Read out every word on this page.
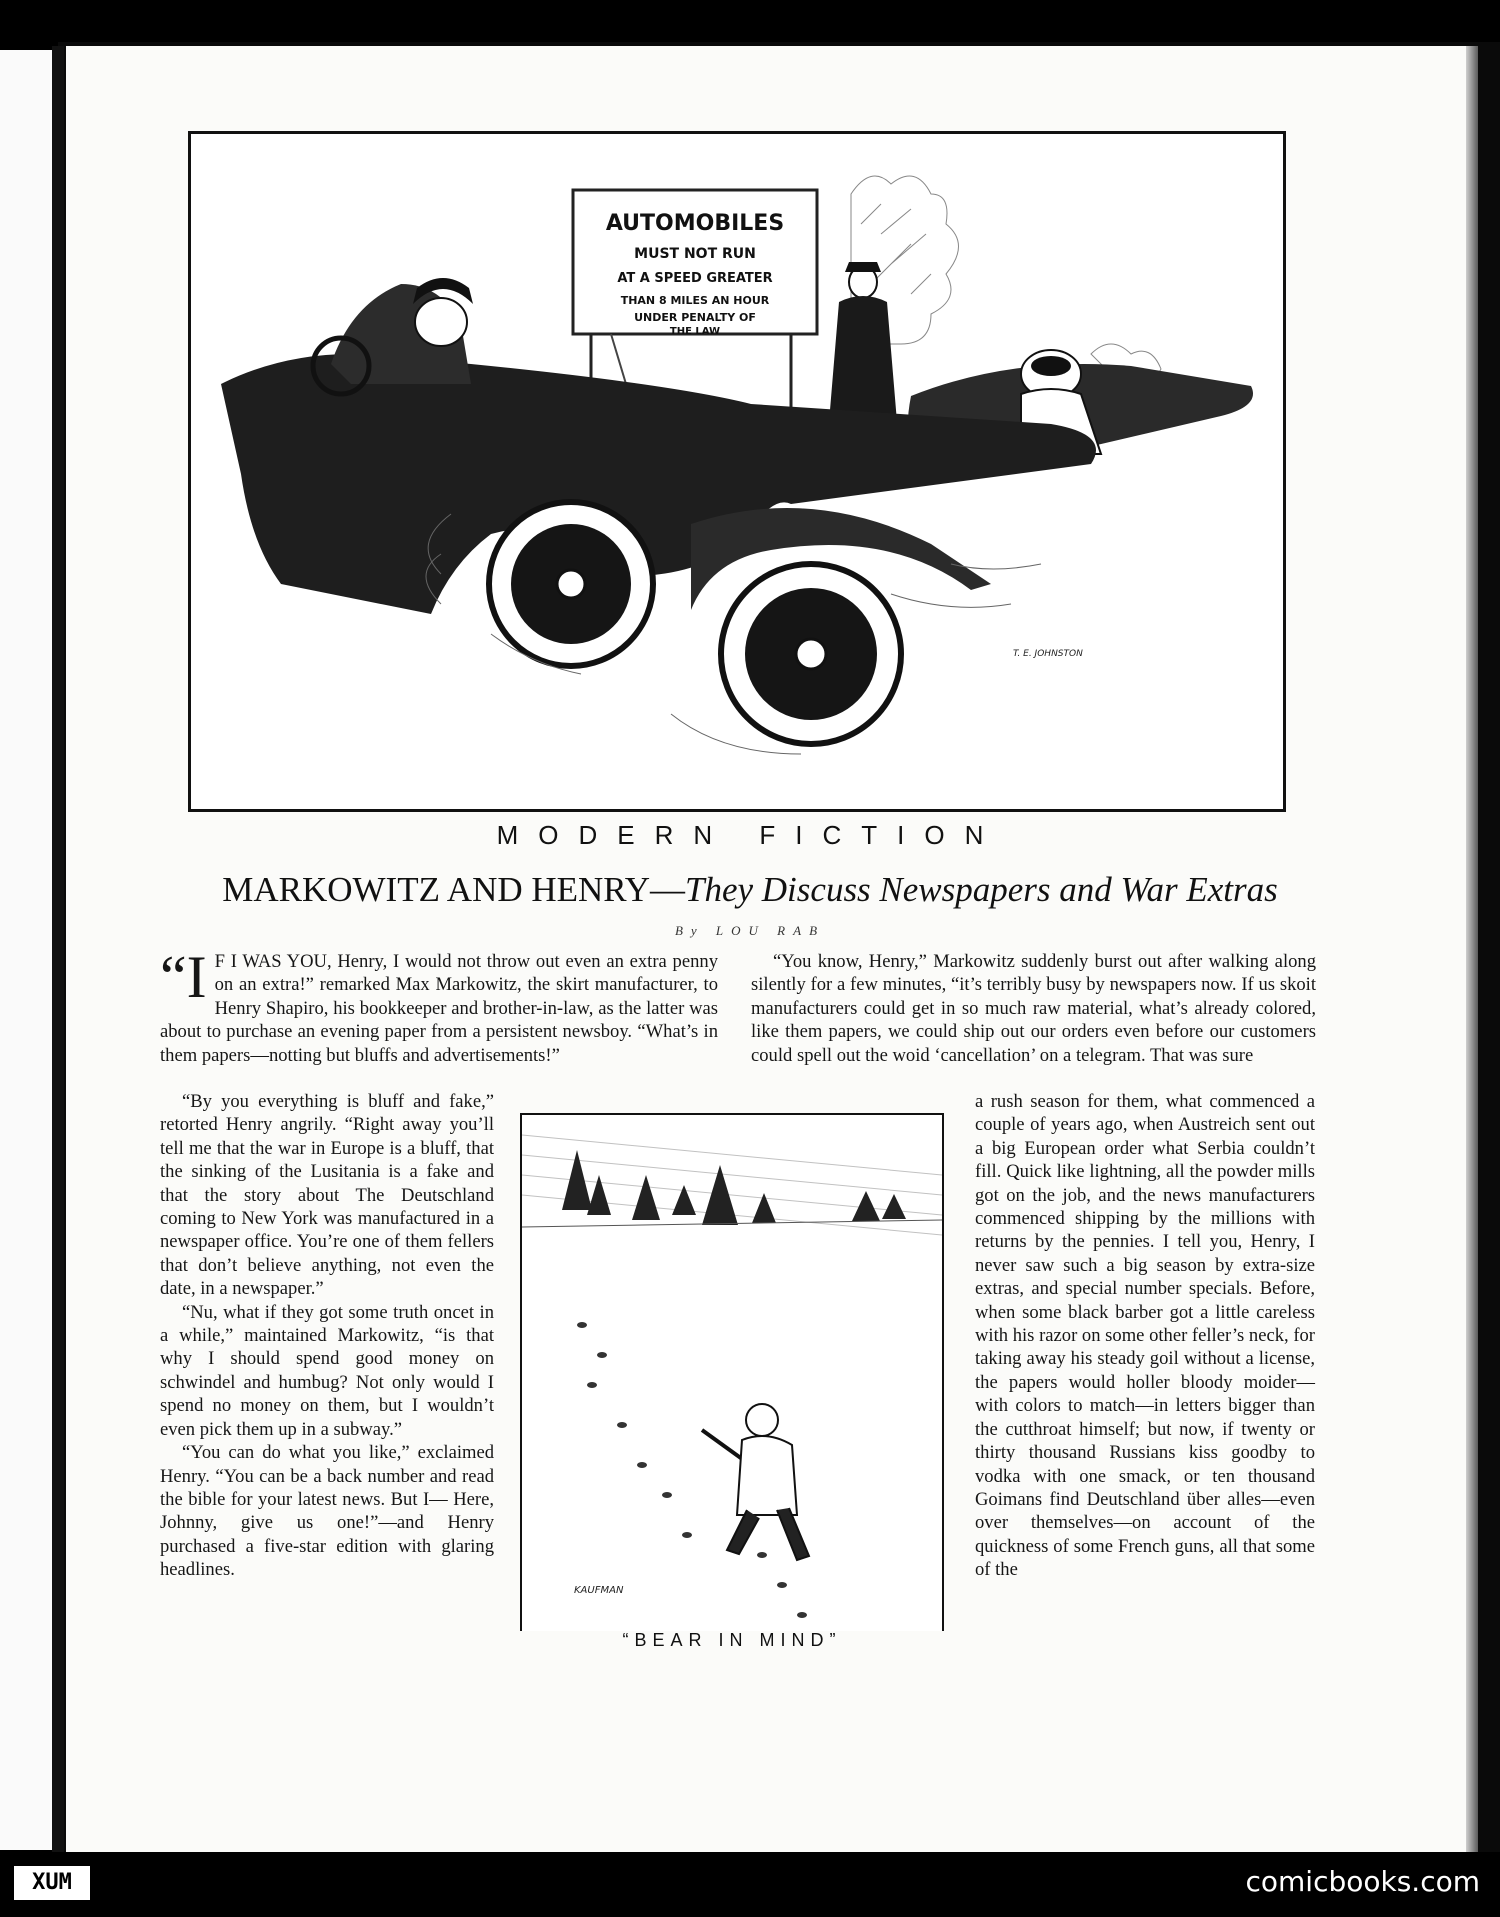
AUTOMOBILES
MUST NOT RUN
AT A SPEED GREATER
THAN 8 MILES AN HOUR
UNDER PENALTY OF
THE LAW
T. E. JOHNSTON
MODERN FICTION
MARKOWITZ AND HENRY—They Discuss Newspapers and War Extras
By LOU RAB
“I F I WAS YOU, Henry, I would not throw out even an extra penny on an extra!” remarked Max Markowitz, the skirt manufacturer, to Henry Shapiro, his bookkeeper and brother-in-law, as the latter was about to purchase an evening paper from a persistent newsboy. “What’s in them papers—notting but bluffs and advertisements!”

“By you everything is bluff and fake,” retorted Henry angrily. “Right away you’ll tell me that the war in Europe is a bluff, that the sinking of the Lusitania is a fake and that the story about The Deutschland coming to New York was manufactured in a newspaper office. You’re one of them fellers that don’t believe anything, not even the date, in a newspaper.”

“Nu, what if they got some truth oncet in a while,” maintained Markowitz, “is that why I should spend good money on schwindel and humbug? Not only would I spend no money on them, but I wouldn’t even pick them up in a subway.”

“You can do what you like,” exclaimed Henry. “You can be a back number and read the bible for your latest news. But I— Here, Johnny, give us one!”—and Henry purchased a five-star edition with glaring headlines.

“You know, Henry,” Markowitz suddenly burst out after walking along silently for a few minutes, “it’s terribly busy by newspapers now. If us skoit manufacturers could get in so much raw material, what’s already colored, like them papers, we could ship out our orders even before our customers could spell out the woid ‘cancellation’ on a telegram. That was sure

a rush season for them, what commenced a couple of years ago, when Austreich sent out a big European order what Serbia couldn’t fill. Quick like lightning, all the powder mills got on the job, and the news manufacturers commenced shipping by the millions with returns by the pennies. I tell you, Henry, I never saw such a big season by extra-size extras, and special number specials. Before, when some black barber got a little careless with his razor on some other feller’s neck, for taking away his steady goil without a license, the papers would holler bloody moider—with colors to match—in letters bigger than the cutthroat himself; but now, if twenty or thirty thousand Russians kiss goodby to vodka with one smack, or ten thousand Goimans find Deutschland über alles—even over themselves—on account of the quickness of some French guns, all that some of the

KAUFMAN
“BEAR IN MIND”
XUM	comicbooks.com
